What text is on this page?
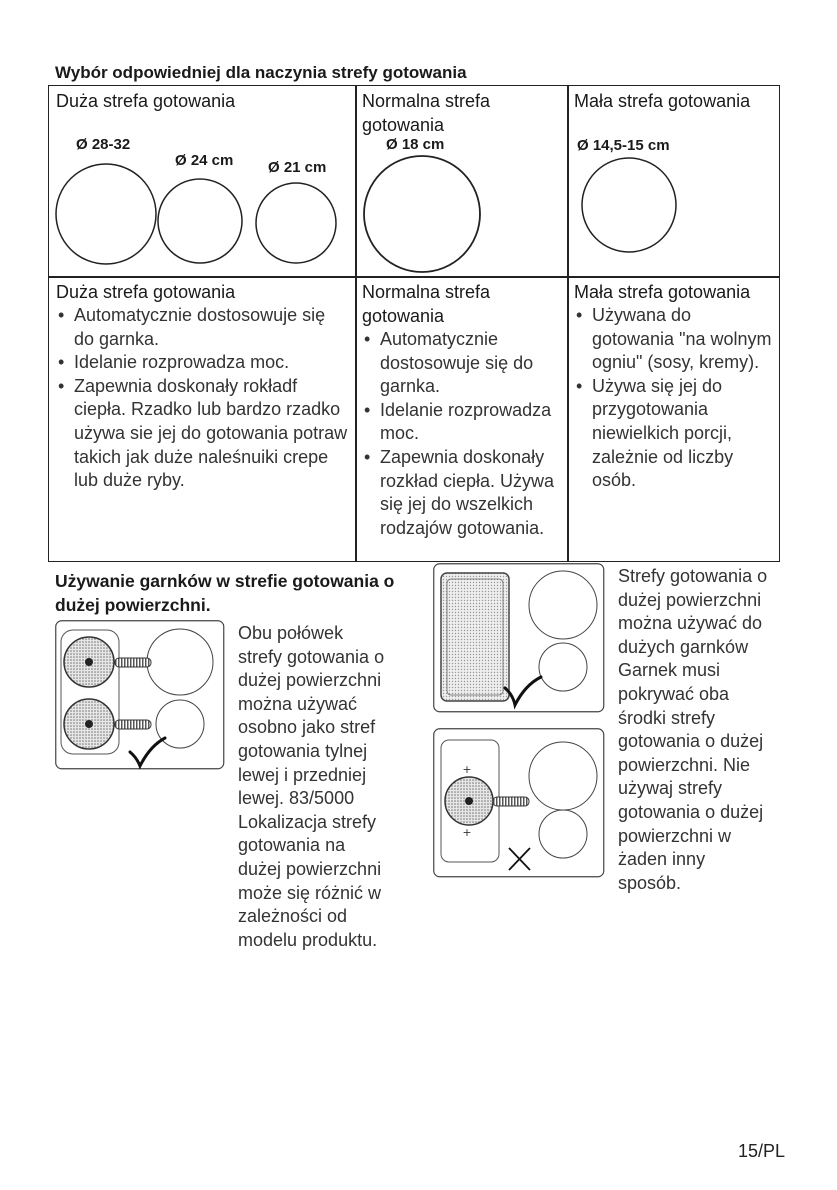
Wybór odpowiedniej dla naczynia strefy gotowania
Duża strefa gotowania	Normalna strefa gotowania
Mała strefa gotowania
Ø 28-32
Ø 24 cm Ø 21 cm
Ø 18 cm	Ø 14,5-15 cm
Duża strefa gotowania
• Automatycznie dostosowuje się do garnka.
• Idelanie rozprowadza moc.
• Zapewnia doskonały rokładf ciepła. Rzadko lub bardzo rzadko używa sie jej do gotowania potraw takich jak duże naleśnuiki crepe lub duże ryby.
Normalna strefa gotowania
• Automatycznie dostosowuje się do garnka.
• Idelanie rozprowadza moc.
• Zapewnia doskonały rozkład ciepła. Używa się jej do wszelkich rodzajów gotowania.
Mała strefa gotowania
• Używana do gotowania "na wolnym ogniu" (sosy, kremy).
• Używa się jej do przygotowania niewielkich porcji, zależnie od liczby osób.
Używanie garnków w strefie gotowania o dużej powierzchni.
Obu połówek strefy gotowania o dużej powierzchni można używać osobno jako stref gotowania tylnej lewej i przedniej lewej. 83/5000 Lokalizacja strefy gotowania na dużej powierzchni może się różnić w zależności od modelu produktu.
+
+
Strefy gotowania o dużej powierzchni można używać do dużych garnków Garnek musi pokrywać oba środki strefy gotowania o dużej powierzchni. Nie używaj strefy gotowania o dużej powierzchni w żaden inny sposób.
15/PL
